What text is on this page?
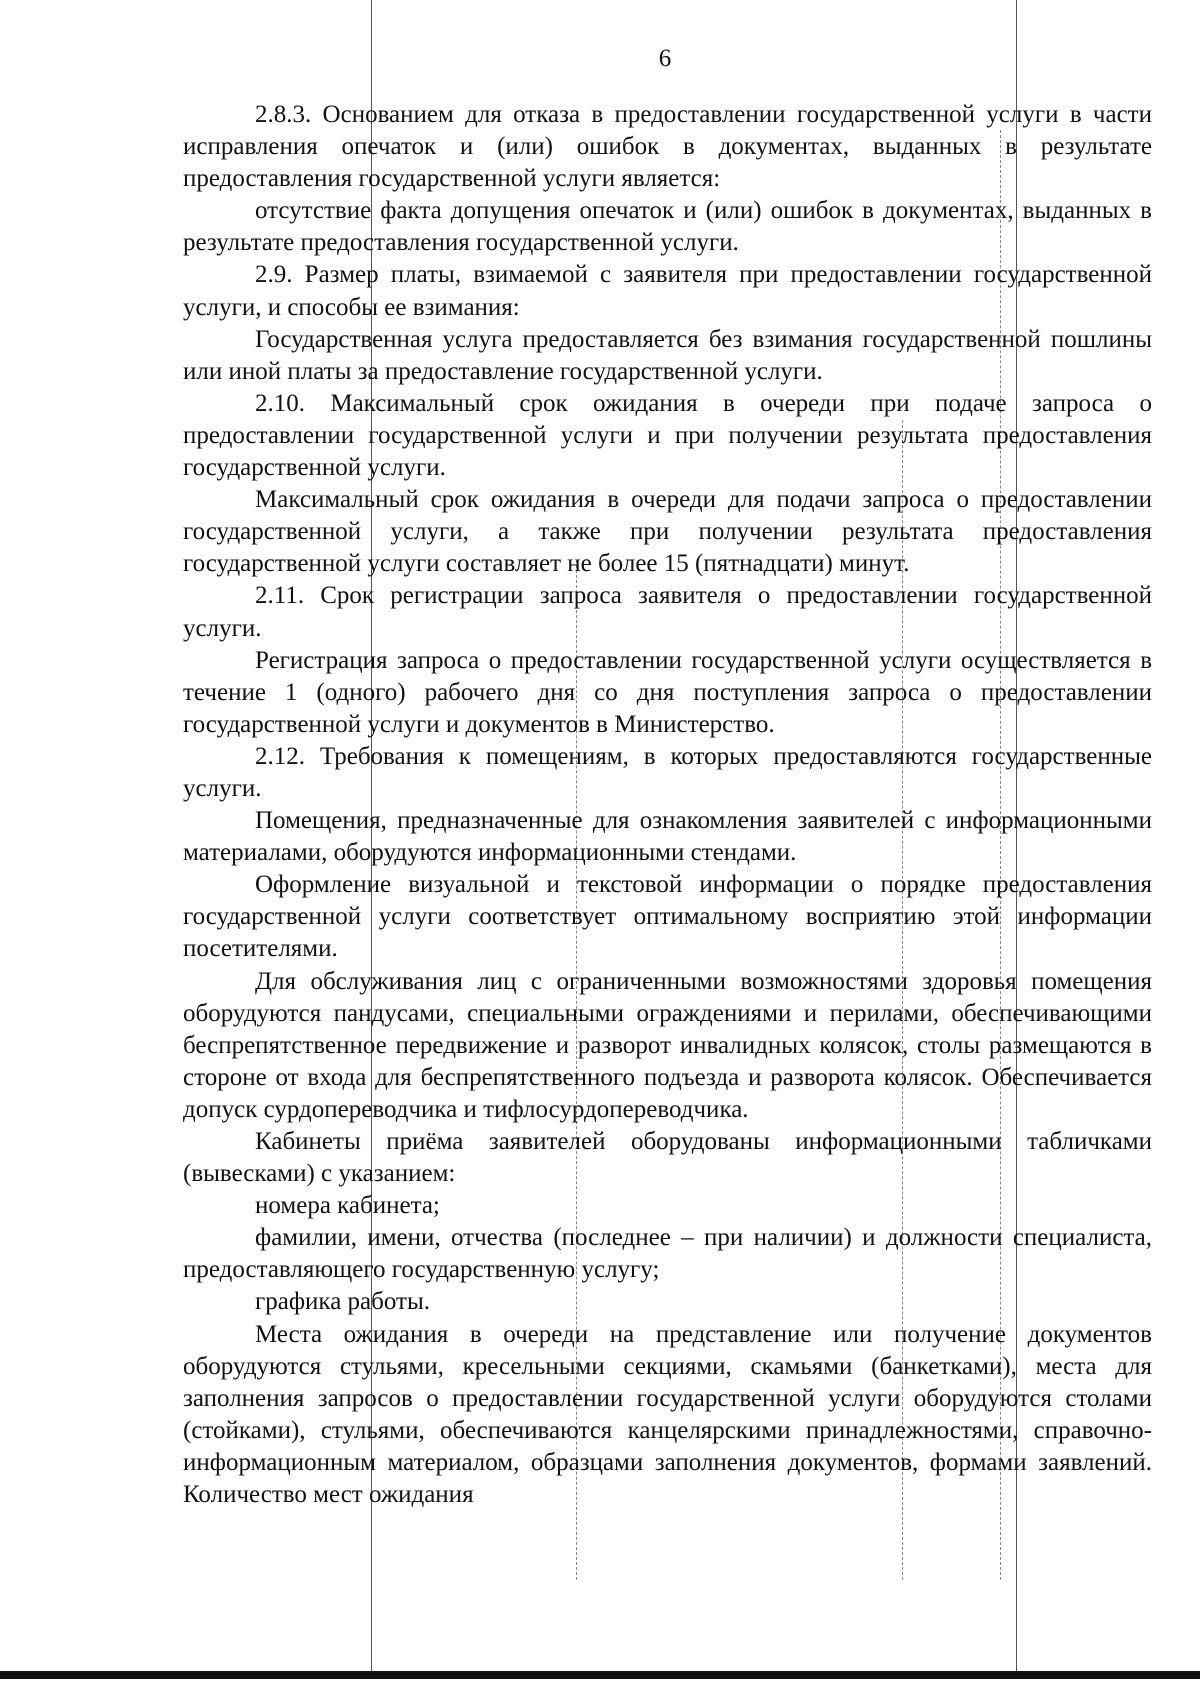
6

2.8.3. Основанием для отказа в предоставлении государственной услуги в части исправления опечаток и (или) ошибок в документах, выданных в результате предоставления государственной услуги является:

отсутствие факта допущения опечаток и (или) ошибок в документах, выданных в результате предоставления государственной услуги.

2.9. Размер платы, взимаемой с заявителя при предоставлении государственной услуги, и способы ее взимания:

Государственная услуга предоставляется без взимания государственной пошлины или иной платы за предоставление государственной услуги.

2.10. Максимальный срок ожидания в очереди при подаче запроса о предоставлении государственной услуги и при получении результата предоставления государственной услуги.

Максимальный срок ожидания в очереди для подачи запроса о предоставлении государственной услуги, а также при получении результата предоставления государственной услуги составляет не более 15 (пятнадцати) минут.

2.11. Срок регистрации запроса заявителя о предоставлении государственной услуги.

Регистрация запроса о предоставлении государственной услуги осуществляется в течение 1 (одного) рабочего дня со дня поступления запроса о предоставлении государственной услуги и документов в Министерство.

2.12. Требования к помещениям, в которых предоставляются государственные услуги.

Помещения, предназначенные для ознакомления заявителей с информационными материалами, оборудуются информационными стендами.

Оформление визуальной и текстовой информации о порядке предоставления государственной услуги соответствует оптимальному восприятию этой информации посетителями.

Для обслуживания лиц с ограниченными возможностями здоровья помещения оборудуются пандусами, специальными ограждениями и перилами, обеспечивающими беспрепятственное передвижение и разворот инвалидных колясок, столы размещаются в стороне от входа для беспрепятственного подъезда и разворота колясок. Обеспечивается допуск сурдопереводчика и тифлосурдопереводчика.

Кабинеты приёма заявителей оборудованы информационными табличками (вывесками) с указанием:

номера кабинета;

фамилии, имени, отчества (последнее – при наличии) и должности специалиста, предоставляющего государственную услугу;

графика работы.

Места ожидания в очереди на представление или получение документов оборудуются стульями, кресельными секциями, скамьями (банкетками), места для заполнения запросов о предоставлении государственной услуги оборудуются столами (стойками), стульями, обеспечиваются канцелярскими принадлежностями, справочно-информационным материалом, образцами заполнения документов, формами заявлений. Количество мест ожидания
